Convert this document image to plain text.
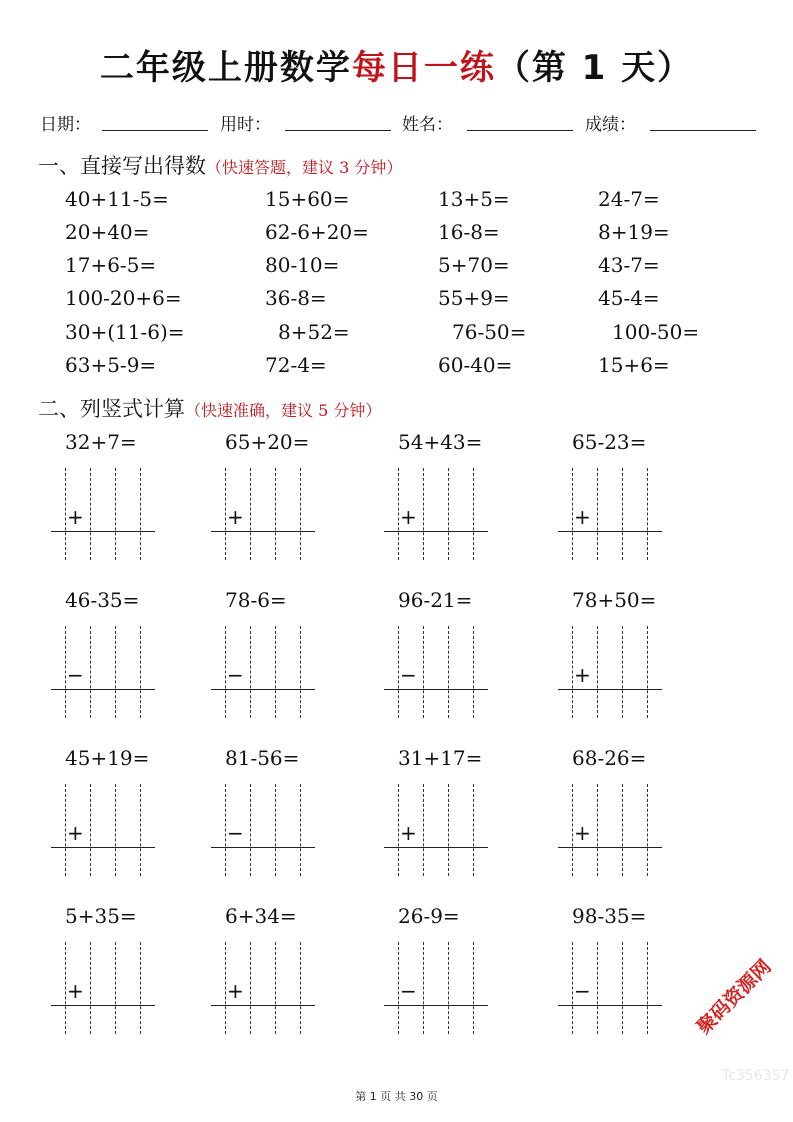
二年级上册数学每日一练（第 1 天）
日期：	用时：	姓名：	成绩：
一、直接写出得数（快速答题，建议 3 分钟）
40+11-5=	15+60=	13+5=	24-7=
20+40=	62-6+20=	16-8=	8+19=
17+6-5=	80-10=	5+70=	43-7=
100-20+6=	36-8=	55+9=	45-4=
30+(11-6)=	8+52=	76-50=	100-50=
63+5-9=	72-4=	60-40=	15+6=
二、列竖式计算（快速准确，建议 5 分钟）
32+7=
+
65+20=
+
54+43=
+
65-23=
+
46-35=
−
78-6=
−
96-21=
−
78+50=
+
45+19=
+
81-56=
−
31+17=
+
68-26=
+
5+35=
+
6+34=
+
26-9=
−
98-35=
−
第 1 页 共 30 页
聚码资源网
Tc356357
